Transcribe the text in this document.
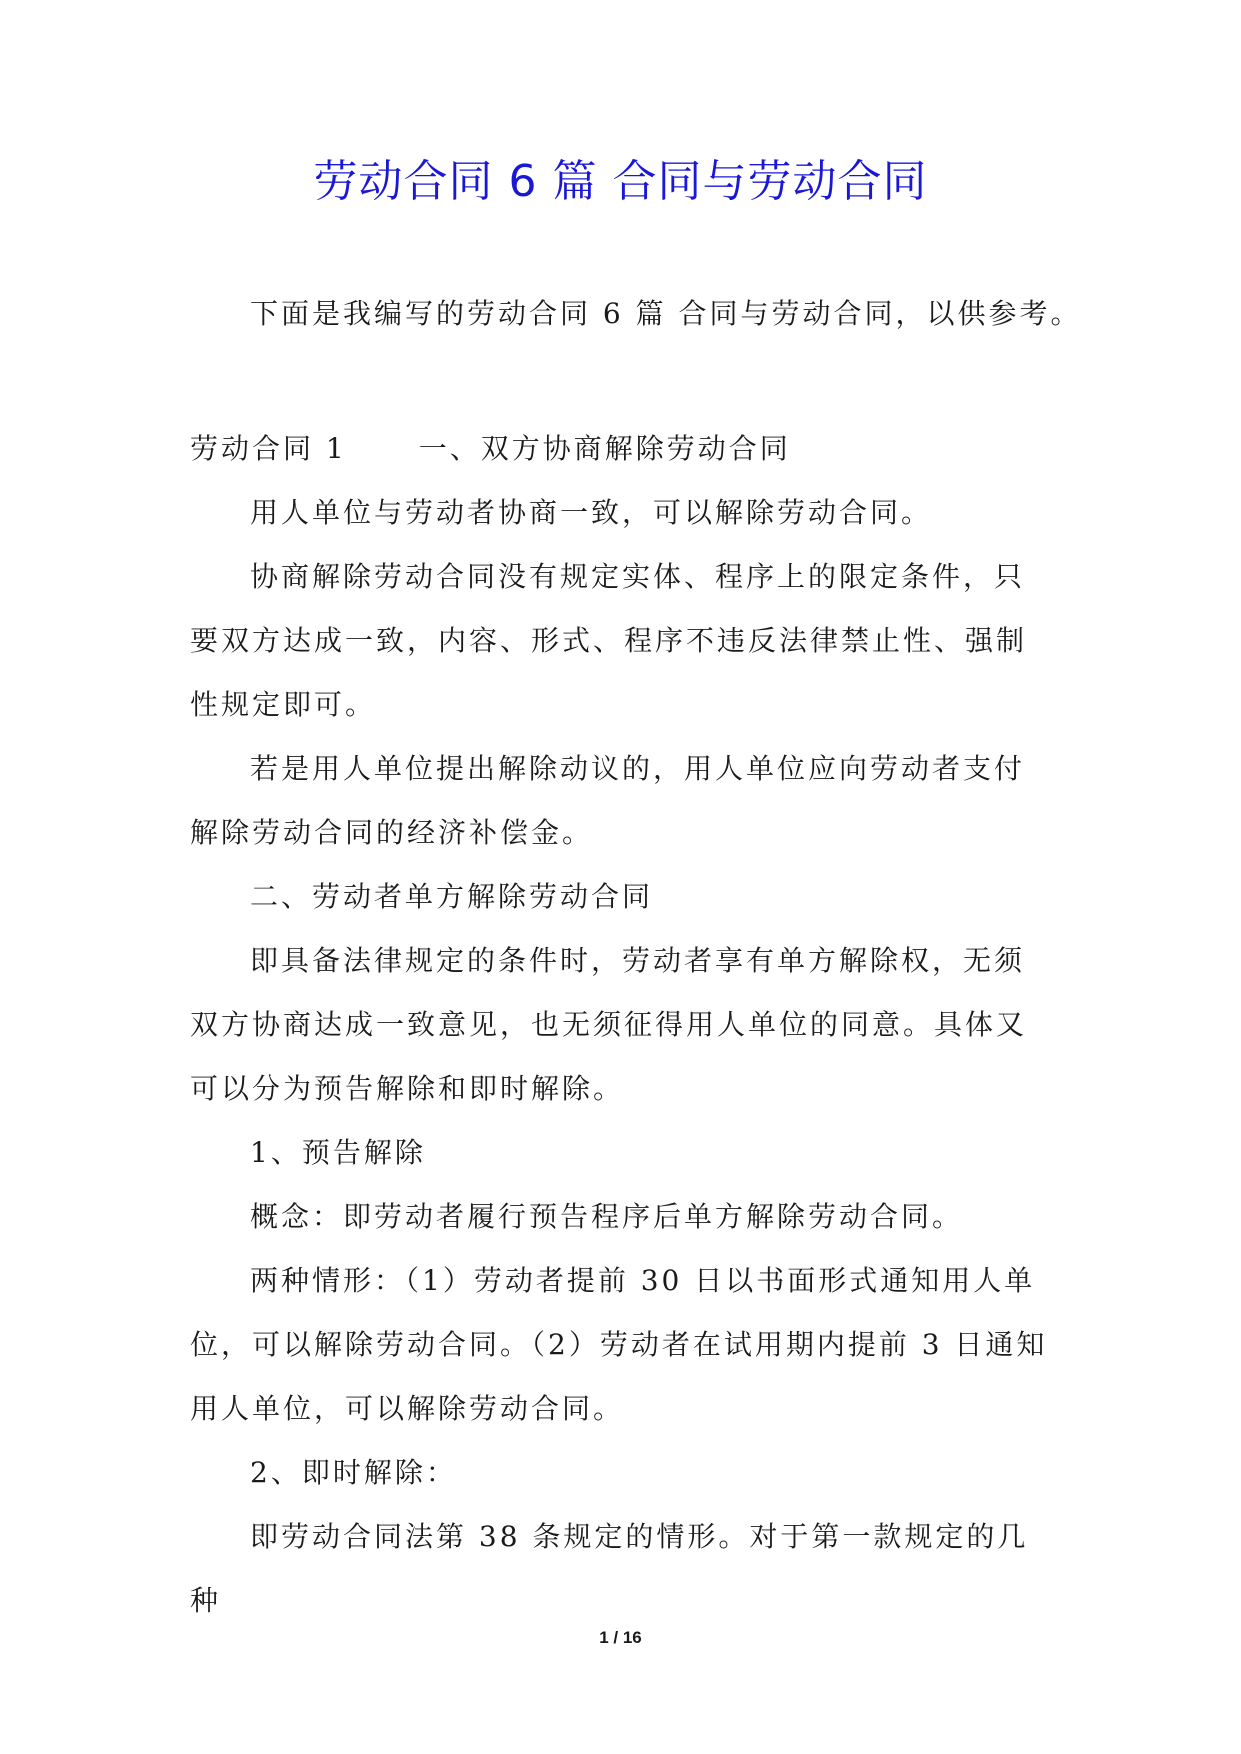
劳动合同 6 篇 合同与劳动合同
下面是我编写的劳动合同 6 篇 合同与劳动合同，以供参考。

劳动合同 1	一、双方协商解除劳动合同

用人单位与劳动者协商一致，可以解除劳动合同。

协商解除劳动合同没有规定实体、程序上的限定条件，只要双方达成一致，内容、形式、程序不违反法律禁止性、强制性规定即可。

若是用人单位提出解除动议的，用人单位应向劳动者支付解除劳动合同的经济补偿金。

二、劳动者单方解除劳动合同

即具备法律规定的条件时，劳动者享有单方解除权，无须双方协商达成一致意见，也无须征得用人单位的同意。具体又可以分为预告解除和即时解除。

1、预告解除

概念：即劳动者履行预告程序后单方解除劳动合同。

两种情形：（1）劳动者提前 30 日以书面形式通知用人单位，可以解除劳动合同。（2）劳动者在试用期内提前 3 日通知用人单位，可以解除劳动合同。

2、即时解除：

即劳动合同法第 38 条规定的情形。对于第一款规定的几种

1 / 16
